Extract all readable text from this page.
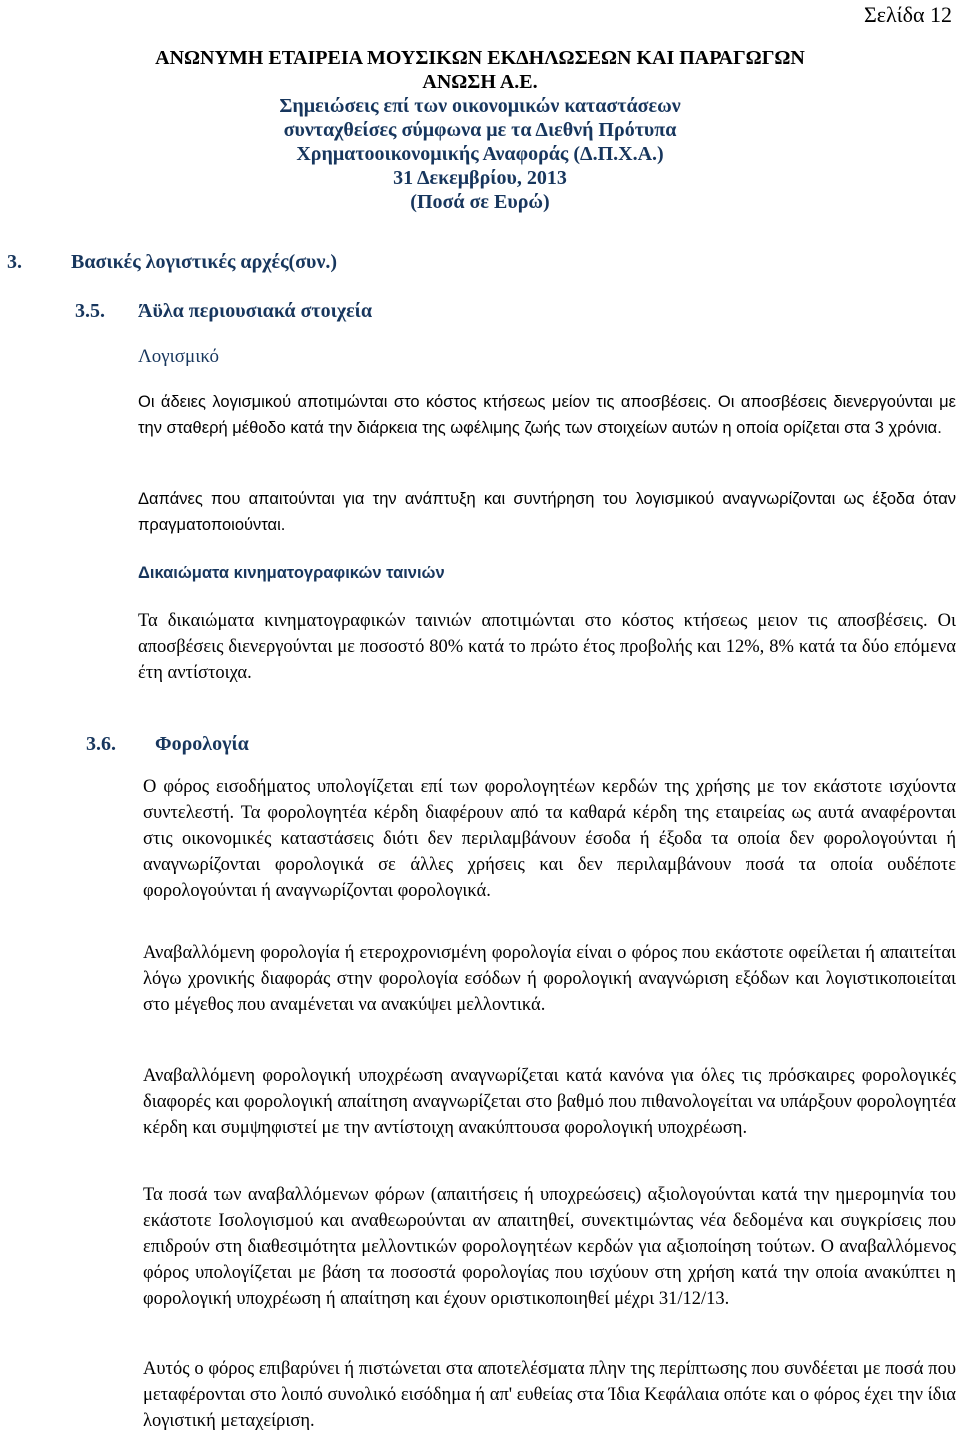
Σελίδα 12
ΑΝΩΝΥΜΗ ΕΤΑΙΡΕΙΑ ΜΟΥΣΙΚΩΝ ΕΚΔΗΛΩΣΕΩΝ ΚΑΙ ΠΑΡΑΓΩΓΩΝ
ΑΝΩΣΗ Α.Ε.
Σημειώσεις επί των οικονομικών καταστάσεων
συνταχθείσες σύμφωνα με τα Διεθνή Πρότυπα
Χρηματοοικονομικής Αναφοράς (Δ.Π.Χ.Α.)
31 Δεκεμβρίου, 2013
(Ποσά σε Ευρώ)
3. Βασικές λογιστικές αρχές(συν.)
3.5. Άϋλα περιουσιακά στοιχεία
Λογισμικό
Οι άδειες λογισμικού αποτιμώνται στο κόστος κτήσεως μείον τις αποσβέσεις. Οι αποσβέσεις διενεργούνται με την σταθερή μέθοδο κατά την διάρκεια της ωφέλιμης ζωής των στοιχείων αυτών η οποία ορίζεται στα 3 χρόνια.
Δαπάνες που απαιτούνται για την ανάπτυξη και συντήρηση του λογισμικού αναγνωρίζονται ως έξοδα όταν πραγματοποιούνται.
Δικαιώματα κινηματογραφικών ταινιών
Τα δικαιώματα κινηματογραφικών ταινιών αποτιμώνται στο κόστος κτήσεως μειον τις αποσβέσεις. Οι αποσβέσεις διενεργούνται με ποσοστό 80% κατά το πρώτο έτος προβολής και 12%, 8% κατά τα δύο επόμενα έτη αντίστοιχα.
3.6. Φορολογία
Ο φόρος εισοδήματος υπολογίζεται επί των φορολογητέων κερδών της χρήσης με τον εκάστοτε ισχύοντα συντελεστή. Τα φορολογητέα κέρδη διαφέρουν από τα καθαρά κέρδη της εταιρείας ως αυτά αναφέρονται στις οικονομικές καταστάσεις διότι δεν περιλαμβάνουν έσοδα ή έξοδα τα οποία δεν φορολογούνται ή αναγνωρίζονται φορολογικά σε άλλες χρήσεις και δεν περιλαμβάνουν ποσά τα οποία ουδέποτε φορολογούνται ή αναγνωρίζονται φορολογικά.
Αναβαλλόμενη φορολογία ή ετεροχρονισμένη φορολογία είναι ο φόρος που εκάστοτε οφείλεται ή απαιτείται λόγω χρονικής διαφοράς στην φορολογία εσόδων ή φορολογική αναγνώριση εξόδων και λογιστικοποιείται στο μέγεθος που αναμένεται να ανακύψει μελλοντικά.
Αναβαλλόμενη φορολογική υποχρέωση αναγνωρίζεται κατά κανόνα για όλες τις πρόσκαιρες φορολογικές διαφορές και φορολογική απαίτηση αναγνωρίζεται στο βαθμό που πιθανολογείται να υπάρξουν φορολογητέα κέρδη και συμψηφιστεί με την αντίστοιχη ανακύπτουσα φορολογική υποχρέωση.
Τα ποσά των αναβαλλόμενων φόρων (απαιτήσεις ή υποχρεώσεις) αξιολογούνται κατά την ημερομηνία του εκάστοτε Ισολογισμού και αναθεωρούνται αν απαιτηθεί, συνεκτιμώντας νέα δεδομένα και συγκρίσεις που επιδρούν στη διαθεσιμότητα μελλοντικών φορολογητέων κερδών για αξιοποίηση τούτων. Ο αναβαλλόμενος φόρος υπολογίζεται με βάση τα ποσοστά φορολογίας που ισχύουν στη χρήση κατά την οποία ανακύπτει η φορολογική υποχρέωση ή απαίτηση και έχουν οριστικοποιηθεί μέχρι 31/12/13.
Αυτός ο φόρος επιβαρύνει ή πιστώνεται στα αποτελέσματα πλην της περίπτωσης που συνδέεται με ποσά που μεταφέρονται στο λοιπό συνολικό εισόδημα ή απ' ευθείας στα Ίδια Κεφάλαια οπότε και ο φόρος έχει την ίδια λογιστική μεταχείριση.
